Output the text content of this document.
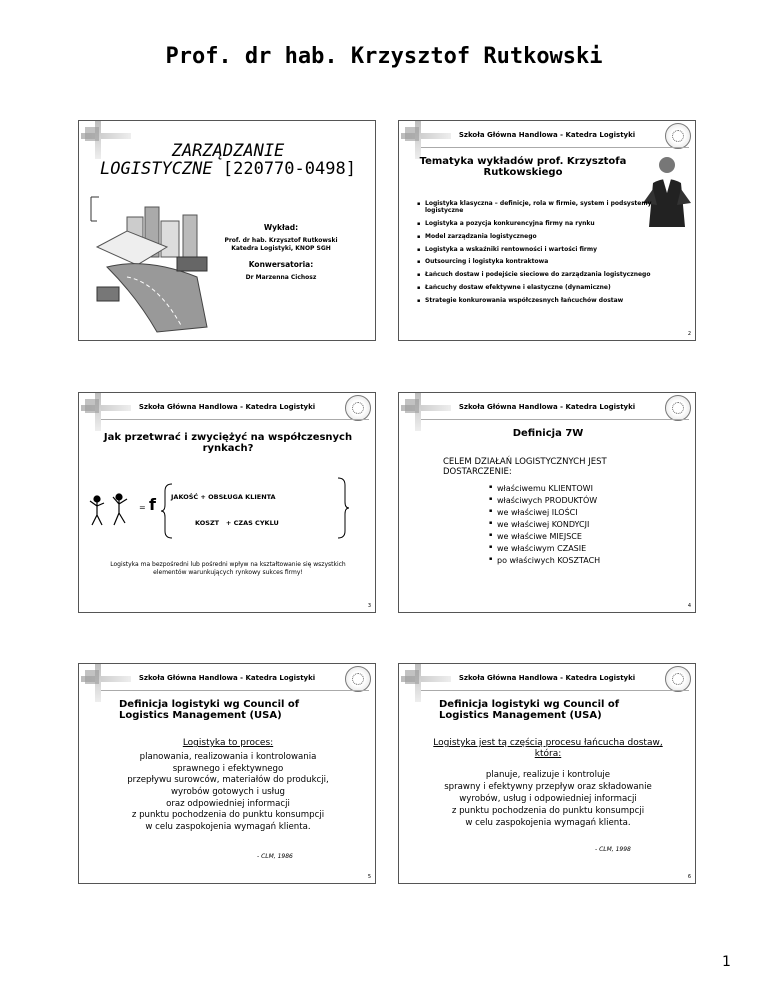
Prof. dr hab. Krzysztof Rutkowski
ZARZĄDZANIE
LOGISTYCZNE [220770-0498]
Wykład:
Prof. dr hab. Krzysztof Rutkowski
Katedra Logistyki, KNOP SGH
Konwersatoria:
Dr Marzenna Cichosz
Szkoła Główna Handlowa - Katedra Logistyki
Tematyka wykładów prof. Krzysztofa Rutkowskiego
▪ Logistyka klasyczna – definicje, rola w firmie, system i podsystemy logistyczne
▪ Logistyka a pozycja konkurencyjna firmy na rynku
▪ Model zarządzania logistycznego
▪ Logistyka a wskaźniki rentowności i wartości firmy
▪ Outsourcing i logistyka kontraktowa
▪ Łańcuch dostaw i podejście sieciowe do zarządzania logistycznego
▪ Łańcuchy dostaw efektywne i elastyczne (dynamiczne)
▪ Strategie konkurowania współczesnych łańcuchów dostaw
2
Szkoła Główna Handlowa - Katedra Logistyki
Jak przetwrać i zwyciężyć na współczesnych rynkach?
= f JAKOŚĆ + OBSŁUGA KLIENTA
KOSZT   + CZAS CYKLU
Logistyka ma bezpośredni lub pośredni wpływ na kształtowanie się wszystkich elementów warunkujących rynkowy sukces firmy!
3
Szkoła Główna Handlowa - Katedra Logistyki
Definicja 7W
CELEM DZIAŁAŃ LOGISTYCZNYCH JEST DOSTARCZENIE:
▪ właściwemu KLIENTOWI
▪ właściwych PRODUKTÓW
▪ we właściwej ILOŚCI
▪ we właściwej KONDYCJI
▪ we właściwe MIEJSCE
▪ we właściwym CZASIE
▪ po właściwych KOSZTACH
4
Szkoła Główna Handlowa - Katedra Logistyki
Definicja logistyki wg Council of Logistics Management (USA)
Logistyka to proces:
planowania, realizowania i kontrolowania
sprawnego i efektywnego
przepływu surowców, materiałów do produkcji,
wyrobów gotowych i usług
oraz odpowiedniej informacji
z punktu pochodzenia do punktu konsumpcji
w celu zaspokojenia wymagań klienta.
- CLM, 1986
5
Szkoła Główna Handlowa - Katedra Logistyki
Definicja logistyki wg Council of Logistics Management (USA)
Logistyka jest tą częścią procesu łańcucha dostaw, która:
planuje, realizuje i kontroluje
sprawny i efektywny przepływ oraz składowanie
wyrobów, usług i odpowiedniej informacji
z punktu pochodzenia do punktu konsumpcji
w celu zaspokojenia wymagań klienta.
- CLM, 1998
6
1
